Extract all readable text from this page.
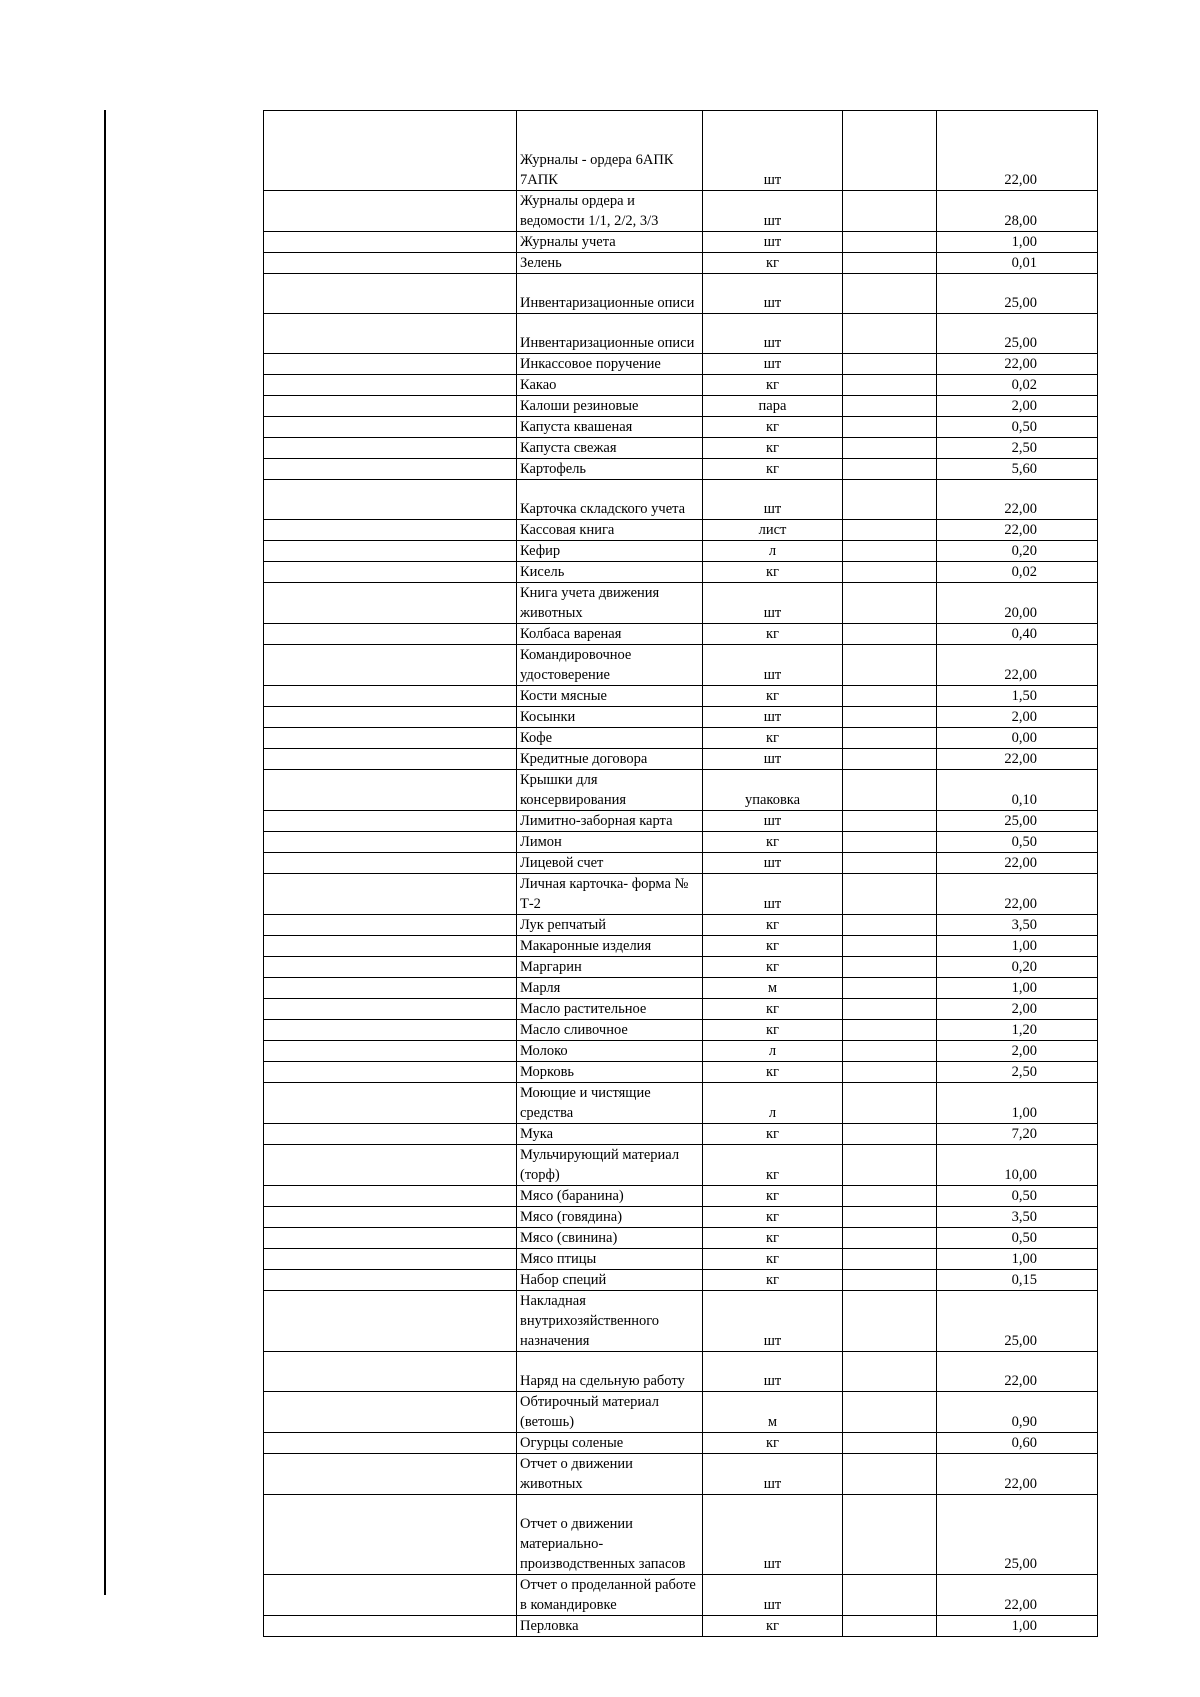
	Журналы - ордера 6АПК 7АПК	шт		22,00
	Журналы ордера и ведомости 1/1, 2/2, 3/3	шт		28,00
	Журналы учета	шт		1,00
	Зелень	кг		0,01
	Инвентаризационные описи	шт		25,00
	Инвентаризационные описи	шт		25,00
	Инкассовое поручение	шт		22,00
	Какао	кг		0,02
	Калоши резиновые	пара		2,00
	Капуста квашеная	кг		0,50
	Капуста свежая	кг		2,50
	Картофель	кг		5,60
	Карточка складского учета	шт		22,00
	Кассовая книга	лист		22,00
	Кефир	л		0,20
	Кисель	кг		0,02
	Книга учета движения животных	шт		20,00
	Колбаса вареная	кг		0,40
	Командировочное удостоверение	шт		22,00
	Кости мясные	кг		1,50
	Косынки	шт		2,00
	Кофе	кг		0,00
	Кредитные договора	шт		22,00
	Крышки для консервирования	упаковка		0,10
	Лимитно-заборная карта	шт		25,00
	Лимон	кг		0,50
	Лицевой счет	шт		22,00
	Личная карточка- форма № Т-2	шт		22,00
	Лук репчатый	кг		3,50
	Макаронные изделия	кг		1,00
	Маргарин	кг		0,20
	Марля	м		1,00
	Масло растительное	кг		2,00
	Масло сливочное	кг		1,20
	Молоко	л		2,00
	Морковь	кг		2,50
	Моющие и чистящие средства	л		1,00
	Мука	кг		7,20
	Мульчирующий материал (торф)	кг		10,00
	Мясо (баранина)	кг		0,50
	Мясо (говядина)	кг		3,50
	Мясо (свинина)	кг		0,50
	Мясо птицы	кг		1,00
	Набор специй	кг		0,15
	Накладная внутрихозяйственного назначения	шт		25,00
	Наряд на сдельную работу	шт		22,00
	Обтирочный материал (ветошь)	м		0,90
	Огурцы соленые	кг		0,60
	Отчет о движении животных	шт		22,00
	Отчет о движении материально-производственных запасов	шт		25,00
	Отчет о проделанной работе в командировке	шт		22,00
	Перловка	кг		1,00
